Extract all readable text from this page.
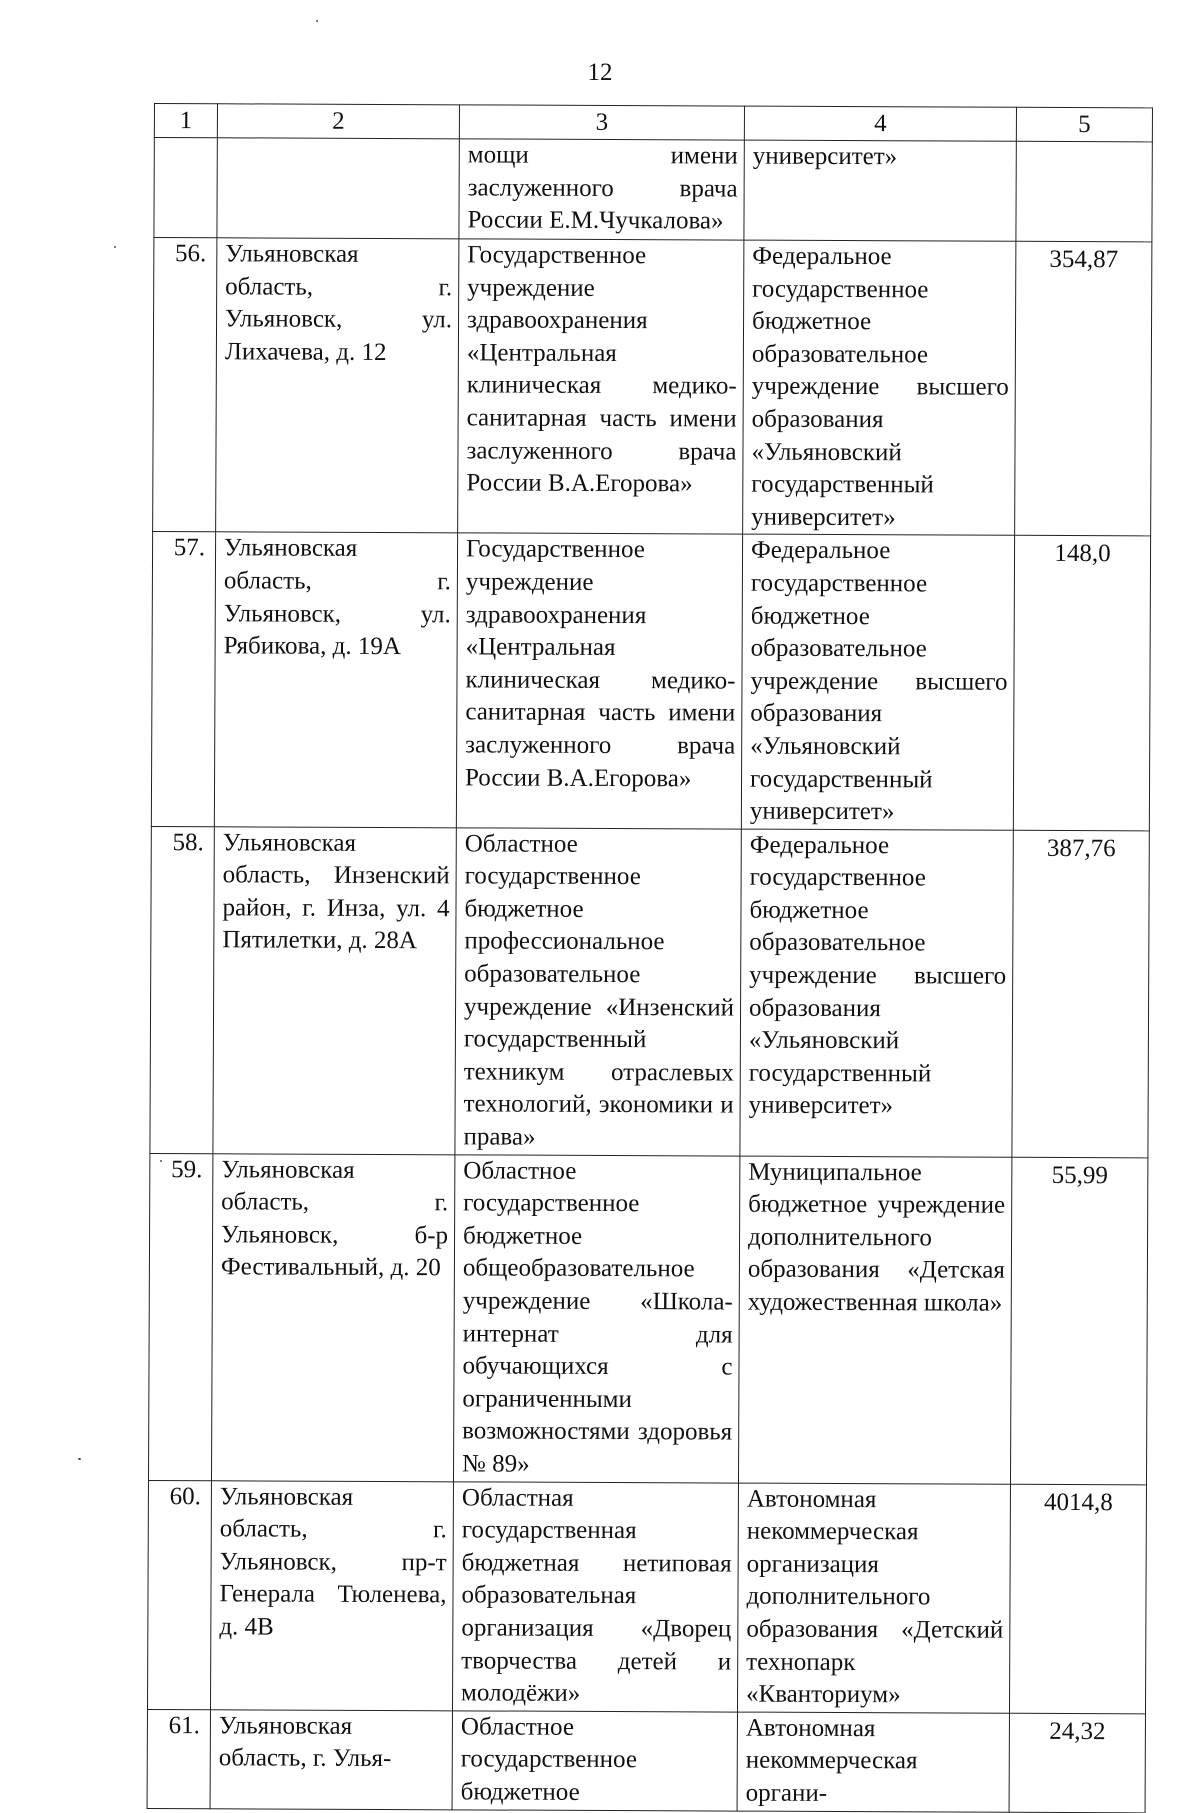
12
1	2	3	4	5
		мощи имени заслуженного врача России Е.М.Чучкалова»	университет»	
56.	Ульяновская область, г. Ульяновск, ул. Лихачева, д. 12	Государственное учреждение здравоохранения «Центральная клиническая медико-санитарная часть имени заслуженного врача России В.А.Егорова»	Федеральное государственное бюджетное образовательное учреждение высшего образования «Ульяновский государственный университет»	354,87
57.	Ульяновская область, г. Ульяновск, ул. Рябикова, д. 19А	Государственное учреждение здравоохранения «Центральная клиническая медико-санитарная часть имени заслуженного врача России В.А.Егорова»	Федеральное государственное бюджетное образовательное учреждение высшего образования «Ульяновский государственный университет»	148,0
58.	Ульяновская область, Инзенский район, г. Инза, ул. 4 Пятилетки, д. 28А	Областное государственное бюджетное профессиональное образовательное учреждение «Инзенский государственный техникум отраслевых технологий, экономики и права»	Федеральное государственное бюджетное образовательное учреждение высшего образования «Ульяновский государственный университет»	387,76
59.	Ульяновская область, г. Ульяновск, б-р Фестивальный, д. 20	Областное государственное бюджетное общеобразовательное учреждение «Школа-интернат для обучающихся с ограниченными возможностями здоровья № 89»	Муниципальное бюджетное учреждение дополнительного образования «Детская художественная школа»	55,99
60.	Ульяновская область, г. Ульяновск, пр-т Генерала Тюленева, д. 4В	Областная государственная бюджетная нетиповая образовательная организация «Дворец творчества детей и молодёжи»	Автономная некоммерческая организация дополнительного образования «Детский технопарк «Кванториум»	4014,8
61.	Ульяновская область, г. Улья-	Областное государственное бюджетное	Автономная некоммерческая органи-	24,32
